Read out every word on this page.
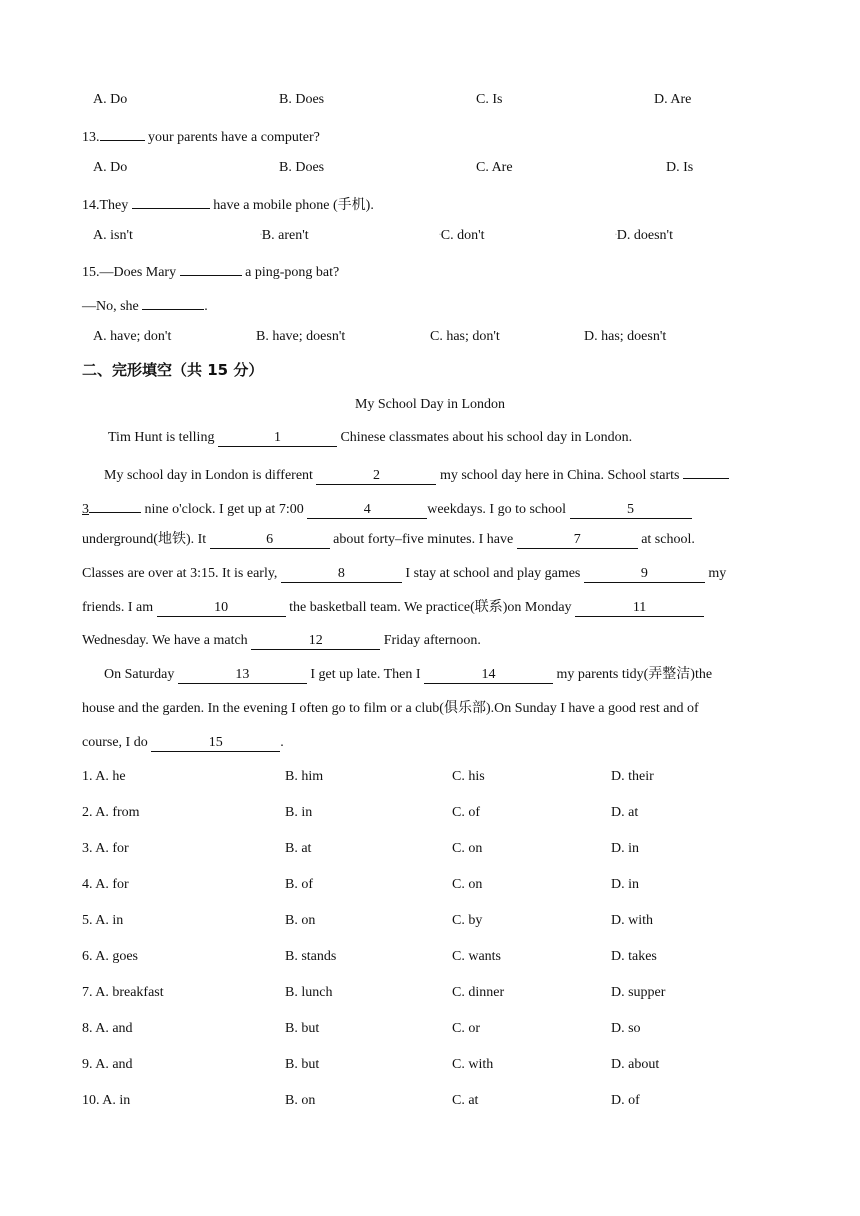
A. Do	B. Does	C. Is	D. Are
13.	your parents have a computer?
A. Do	B. Does	C. Are	D. Is
14.They	have a mobile phone (手机).
A. isn't	▫B. aren't	▫C. don't	▫D. doesn't
15.—Does Mary	a ping-pong bat?
—No, she	.
A. have; don't	B. have; doesn't	C. has; don't	D. has; doesn't
二、完形填空（共 15 分）
My School Day in London
Tim Hunt is telling	1	Chinese classmates about his school day in London.
My school day in London is different	2	my school day here in China. School starts
3	nine o'clock. I get up at 7:00	4	weekdays. I go to school	5
underground(地铁). It	6	about forty–five minutes. I have	7	at school.
Classes are over at 3:15. It is early,	8	I stay at school and play games	9	my
friends. I am	10	the basketball team. We practice(联系)on Monday	11
Wednesday. We have a match	12	Friday afternoon.
On Saturday	13	I get up late. Then I	14	my parents tidy(弄整洁)the
house and the garden. In the evening I often go to film or a club(俱乐部).On Sunday I have a good rest and of
course, I do	15	.
1. A. he	B. him	C. his	D. their
2. A. from	B. in	C. of	D. at
3. A. for	B. at	C. on	D. in
4. A. for	B. of	C. on	D. in
5. A. in	B. on	C. by	D. with
6. A. goes	B. stands	C. wants	D. takes
7. A. breakfast	B. lunch	C. dinner	D. supper
8. A. and	B. but	C. or	D. so
9. A. and	B. but	C. with	D. about
10. A. in	B. on	C. at	D. of
